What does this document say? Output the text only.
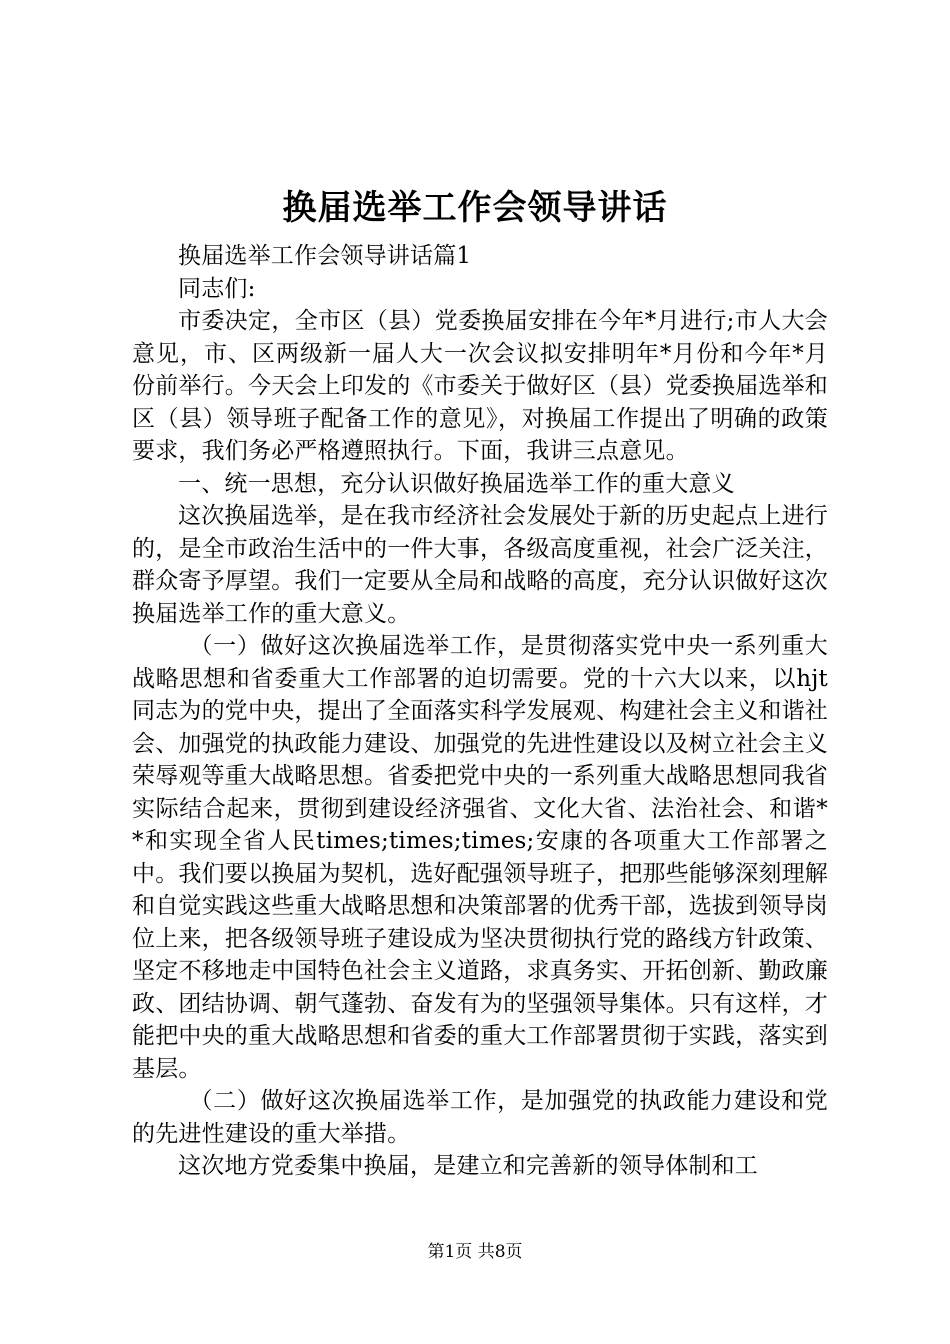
换届选举工作会领导讲话

换届选举工作会领导讲话篇1

同志们:

市委决定，全市区（县）党委换届安排在今年*月进行;市人大会意见，市、区两级新一届人大一次会议拟安排明年*月份和今年*月份前举行。今天会上印发的《市委关于做好区（县）党委换届选举和区（县）领导班子配备工作的意见》，对换届工作提出了明确的政策要求，我们务必严格遵照执行。下面，我讲三点意见。

一、统一思想，充分认识做好换届选举工作的重大意义

这次换届选举，是在我市经济社会发展处于新的历史起点上进行的，是全市政治生活中的一件大事，各级高度重视，社会广泛关注，群众寄予厚望。我们一定要从全局和战略的高度，充分认识做好这次换届选举工作的重大意义。

（一）做好这次换届选举工作，是贯彻落实党中央一系列重大战略思想和省委重大工作部署的迫切需要。党的十六大以来，以hjt同志为的党中央，提出了全面落实科学发展观、构建社会主义和谐社会、加强党的执政能力建设、加强党的先进性建设以及树立社会主义荣辱观等重大战略思想。省委把党中央的一系列重大战略思想同我省实际结合起来，贯彻到建设经济强省、文化大省、法治社会、和谐**和实现全省人民times;times;times;安康的各项重大工作部署之中。我们要以换届为契机，选好配强领导班子，把那些能够深刻理解和自觉实践这些重大战略思想和决策部署的优秀干部，选拔到领导岗位上来，把各级领导班子建设成为坚决贯彻执行党的路线方针政策、坚定不移地走中国特色社会主义道路，求真务实、开拓创新、勤政廉政、团结协调、朝气蓬勃、奋发有为的坚强领导集体。只有这样，才能把中央的重大战略思想和省委的重大工作部署贯彻于实践，落实到基层。

（二）做好这次换届选举工作，是加强党的执政能力建设和党的先进性建设的重大举措。

这次地方党委集中换届，是建立和完善新的领导体制和工

第1页 共8页
